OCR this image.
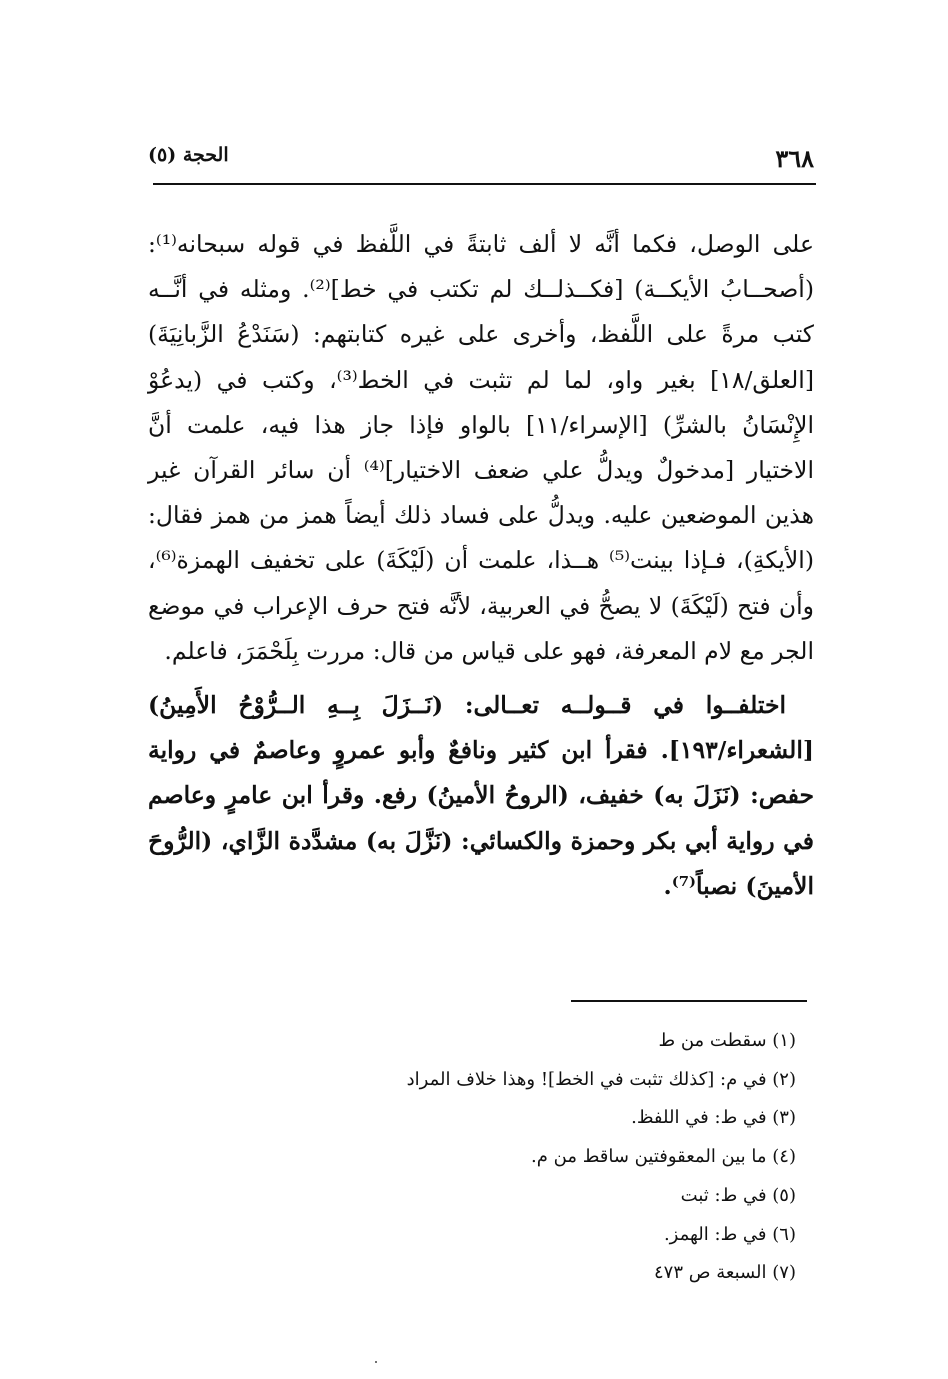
٣٦٨
الحجة (٥)

على الوصل، فكما أنَّه لا ألف ثابتةً في اللَّفظ في قوله سبحانه⁽¹⁾: (أصحــابُ الأيكــة) [فكــذلــك لم تكتب في خط]⁽²⁾. ومثله في أنَّــه كتب مرةً على اللَّفظ، وأخرى على غيره كتابتهم: (سَنَدْعُ الزَّبانِيَةَ) [العلق/١٨] بغير واو، لما لم تثبت في الخط⁽³⁾، وكتب في (يدعُوْ الإِنْسَانُ بالشرِّ) [الإسراء/١١] بالواو فإذا جاز هذا فيه، علمت أنَّ الاختيار [مدخولٌ ويدلُّ علي ضعف الاختيار]⁽⁴⁾ أن سائر القرآن غير هذين الموضعين عليه. ويدلُّ على فساد ذلك أيضاً همز من همز فقال: (الأيكةِ)، فـإذا بينت⁽⁵⁾ هــذا، علمت أن (لَيْكَةَ) على تخفيف الهمزة⁽⁶⁾، وأن فتح (لَيْكَةَ) لا يصحُّ في العربية، لأنَّه فتح حرف الإعراب في موضع الجر مع لام المعرفة، فهو على قياس من قال: مررت بِلَحْمَرَ، فاعلم.

اختلفــوا في قــولــه تعــالى: (نَــزَلَ بِــهِ الــرُّوْحُ الأَمِينُ) [الشعراء/١٩٣]. فقرأ ابن كثير ونافعٌ وأبو عمروٍ وعاصمٌ في رواية حفص: (نَزَلَ به) خفيف، (الروحُ الأمينُ) رفع. وقرأ ابن عامرٍ وعاصم في رواية أبي بكر وحمزة والكسائي: (نَزَّلَ به) مشدَّدة الزَّاي، (الرُّوحَ الأمينَ) نصباً⁽⁷⁾.

(١) سقطت من ط
(٢) في م: [كذلك تثبت في الخط]! وهذا خلاف المراد
(٣) في ط: في اللفظ.
(٤) ما بين المعقوفتين ساقط من م.
(٥) في ط: ثبت
(٦) في ط: الهمز.
(٧) السبعة ص ٤٧٣
